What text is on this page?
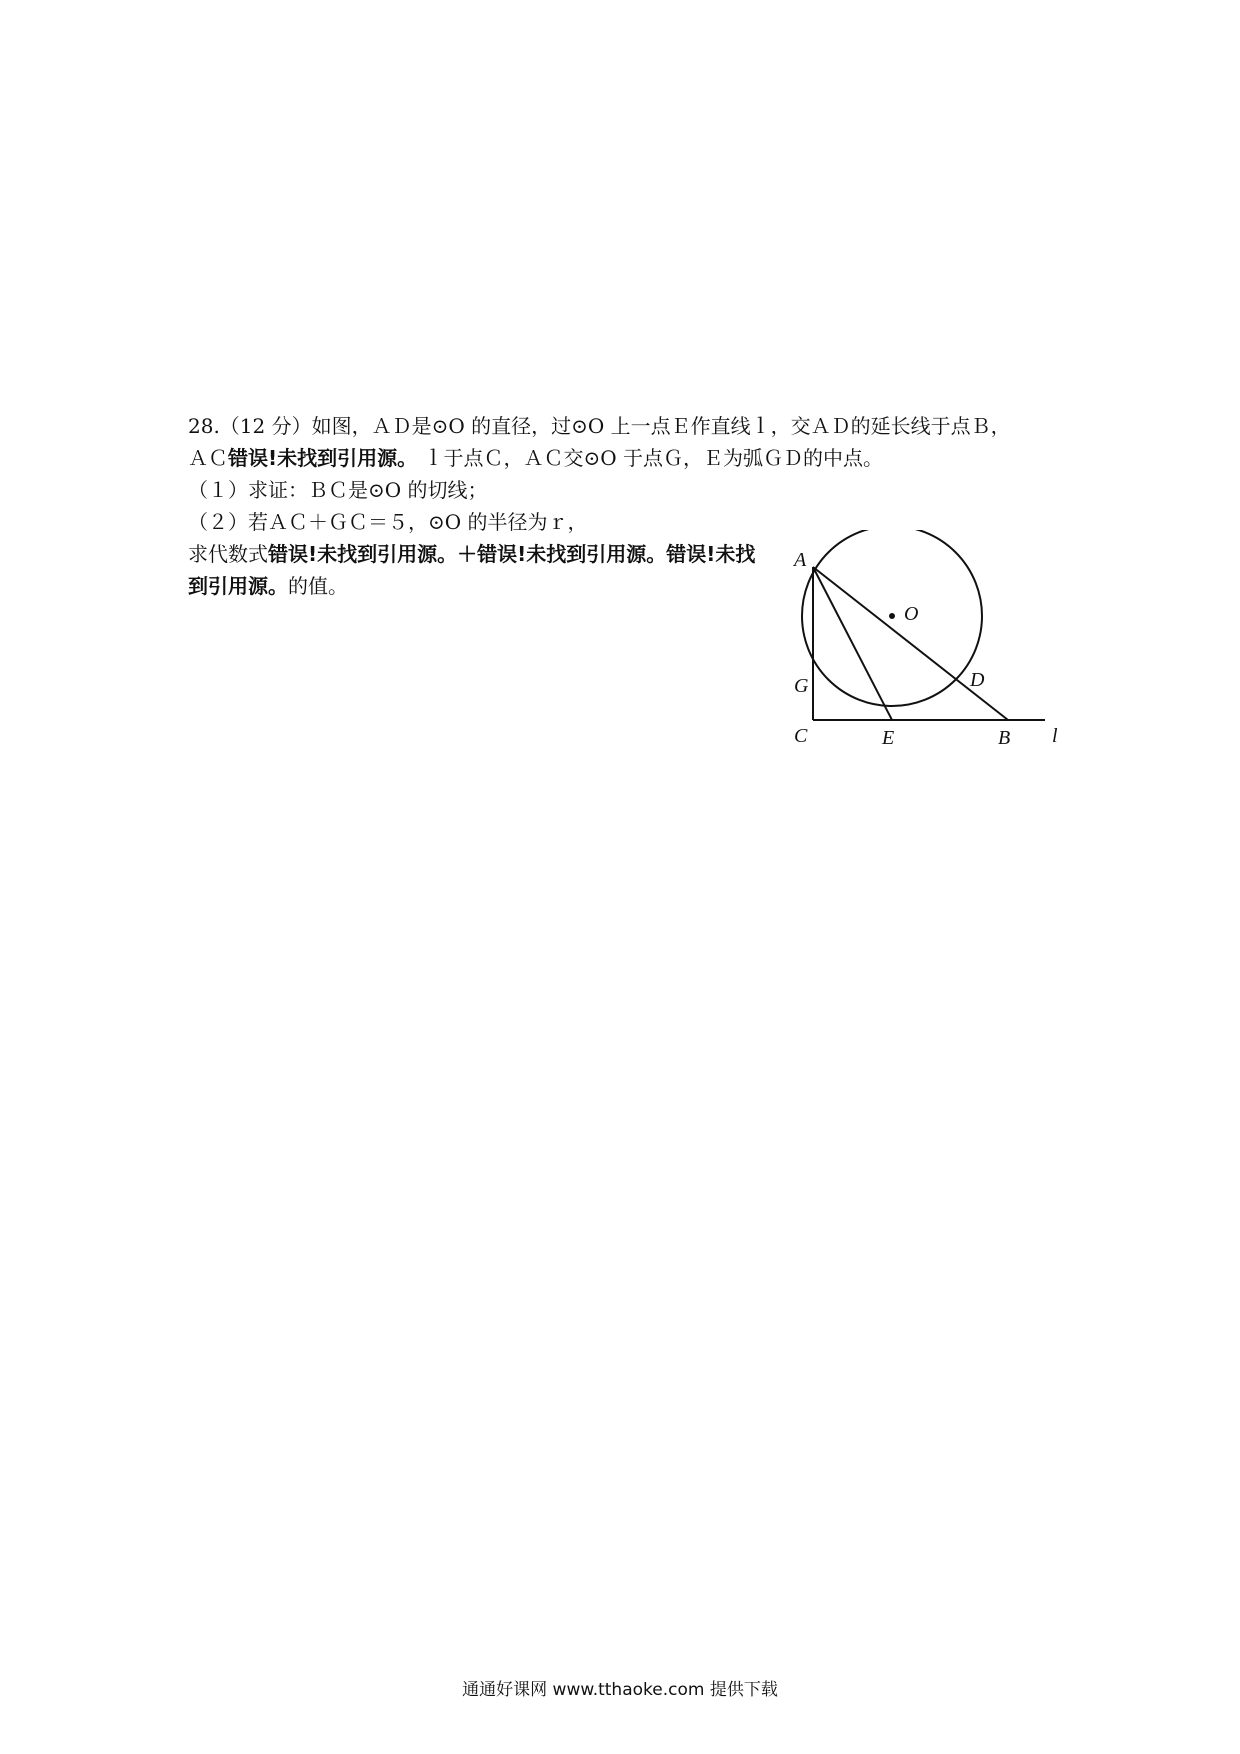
28.（12 分）如图，ＡＤ是⊙O 的直径，过⊙O 上一点Ｅ作直线ｌ，交ＡＤ的延长线于点Ｂ，
ＡＣ错误!未找到引用源。 ｌ于点Ｃ，ＡＣ交⊙O 于点Ｇ，Ｅ为弧ＧＤ的中点。
（１）求证：ＢＣ是⊙O 的切线；
（２）若ＡＣ＋ＧＣ＝５，⊙O 的半径为ｒ，
求代数式错误!未找到引用源。＋错误!未找到引用源。错误!未找到引用源。的值。
A
O
D
G
C	E	B l
通通好课网 www.tthaoke.com 提供下载
